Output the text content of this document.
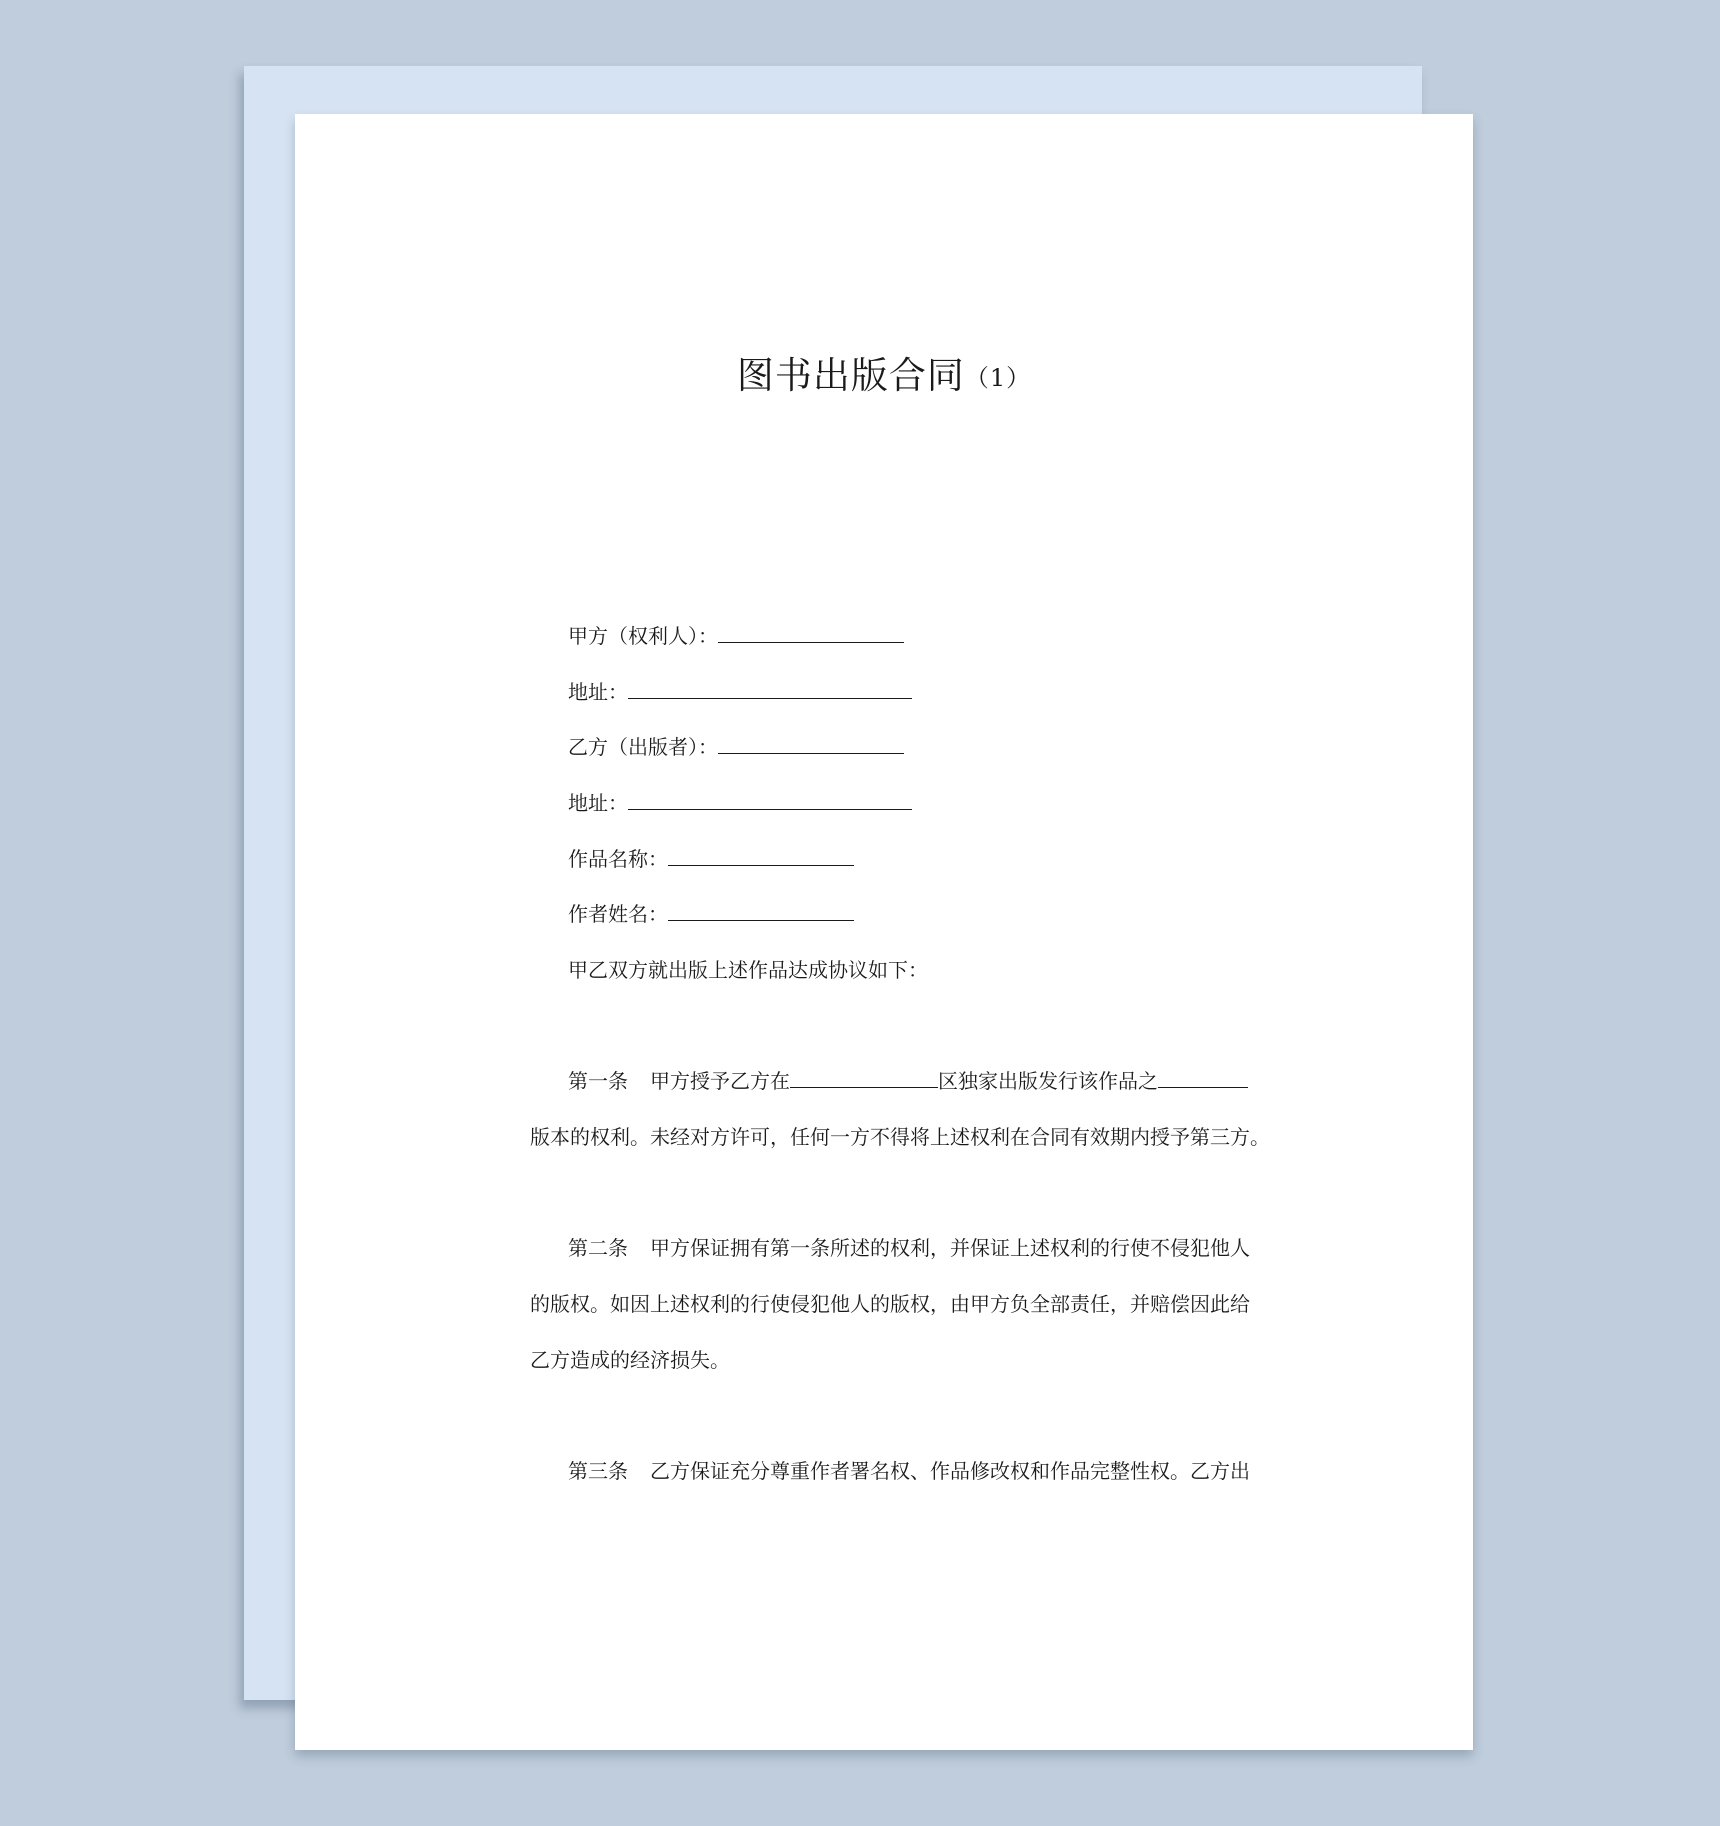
图书出版合同（1）
甲方（权利人）：
地址：
乙方（出版者）：
地址：
作品名称：
作者姓名：
甲乙双方就出版上述作品达成协议如下：
第一条 甲方授予乙方在	区独家出版发行该作品之
版本的权利。未经对方许可，任何一方不得将上述权利在合同有效期内授予第三方。
第二条 甲方保证拥有第一条所述的权利，并保证上述权利的行使不侵犯他人
的版权。如因上述权利的行使侵犯他人的版权，由甲方负全部责任，并赔偿因此给
乙方造成的经济损失。
第三条 乙方保证充分尊重作者署名权、作品修改权和作品完整性权。乙方出
